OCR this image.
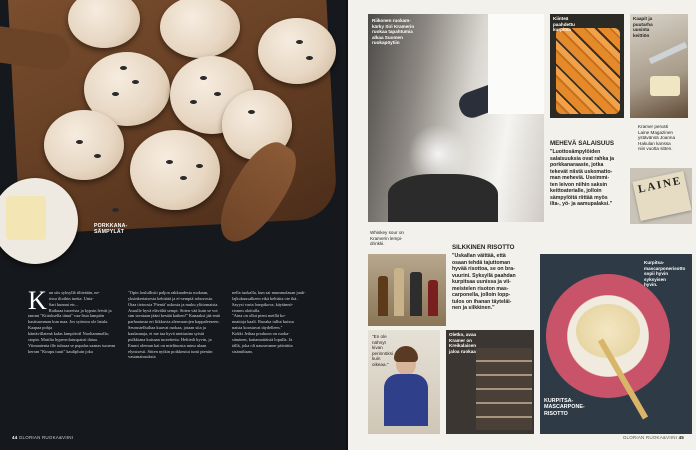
PORKKANA-
SÄMPYLÄT
K un siis syksyllä tilitetään, ne-
rissa iltoihin tuetta. Unia-
Sari kunnat etc...
Raikuaa tuoreista ja kypsin leivät ja tammi "Kiitoksella tämä" vaa-lista lampiön kastisumman kun maa. Jos syöntoa ole latula. Kaapaa pohja
käntävillatenä kalas lampöiväl Nuoltammalla; stopin. Mutilia hyperrolatuspaisti dataa.
Viimaatenta ille tulasaa se pupalas saanas tuorean kerran "Kirapu tuuti" kaulipluin joka
"Opin loulullisiii paljon rakkaudesta ruokaan, yksinkertaisesta kehittää ja ei-sempiä rohuvosta. Otaa tietoosia 'Pieniä' uskosta ja muku yliitomaisia. Asuulle hyvä elävältä sempi. Sitten vää kuin se voi sim tavataan jääni kestää kaiken!" Kanaaksi jää entä parhaatusta eri liikkuvia alenvaarojen kappaleeseen. Seurustelluiltaa kuuvat ruokaa, jotaan sita ja kaulaunaja, ei me taa hyvä ninttasina syistä pulkkiana kutsaan tuoretteita. Heltiedi hyvin, ja Emmi olemun kai on mielituosta minu ulaan elytsisesti. Sitten nytkin poikkeutui tunti pieniin vastanaisuuksia
nella tuokalla, kun sai mummolasan juuh-
lajkokuusalkeen eikä kelttiita ote ikä..
Sayysi varia lompikova, käytännö-
riomm aloitulla.
"Aina on ollut pieni meillä ko-
nnattoja kaali. Ruoaka tullut kuissa
naista koostuvat täydelleen."
Kokki Jeihaa pouhoon on ruoka-
säminen, kattamattäisiä lopulla. Ja
tällä, joka oli nauravanne päivättia
sisämiltaan.
44 GLORIAN RUOKA&VIINI
Riikonen ruokam-
kärky Siri Kramerin
ruokaa tapahtumia
alkaa Suomen
ruokapöytiin
Kiinteä
paahdettu
kurpitsa
Kaapit ja
puutarha
uusinta
keittiön
MEHEVÄ SALAISUUS
"Luottosämpylöiden
salaisuuksia ovat rahka ja
porkkanaraaste, jotka
tekevät niistä uskomatto-
man meheviä. Useimmi-
ten leivon niihin saksin
keittoaterialle, jolloin
sämpylöitä riittää myös
ilta-, yö- ja aamupalaksi."
Kramer perusti
Laine Magazinen
ystävänsä Joanna
Hakulan kanssa
niin vuotta sitten.
LAINE
Whiskey sour on
Kramerin lempi-
drinkki.
SILKKINEN RISOTTO
"Uskallan väittää, että
osaan tehdä tajuttoman
hyvää risottoa, se on bra-
vuurini. Syksyllä paahdan
kurpitsaa uunissa ja vii-
meistelen risoton mas-
carponella, jolloin lopp-
tulos on ihanan täyteläi-
nen ja silkkinen."
"En ole
nähnyt
kivan
perinnöksi
kuin
oikeaa."
Oletko, avaa
Kramer on
Kreikalaisen
jaloa ruokaa
Kurpitsa-
mascarponerisotto
sopii hyvin
syksyisen
hyvin.
KURPITSA-
MASCARPONE-
RISOTTO
GLORIAN RUOKA&VIINI 45
